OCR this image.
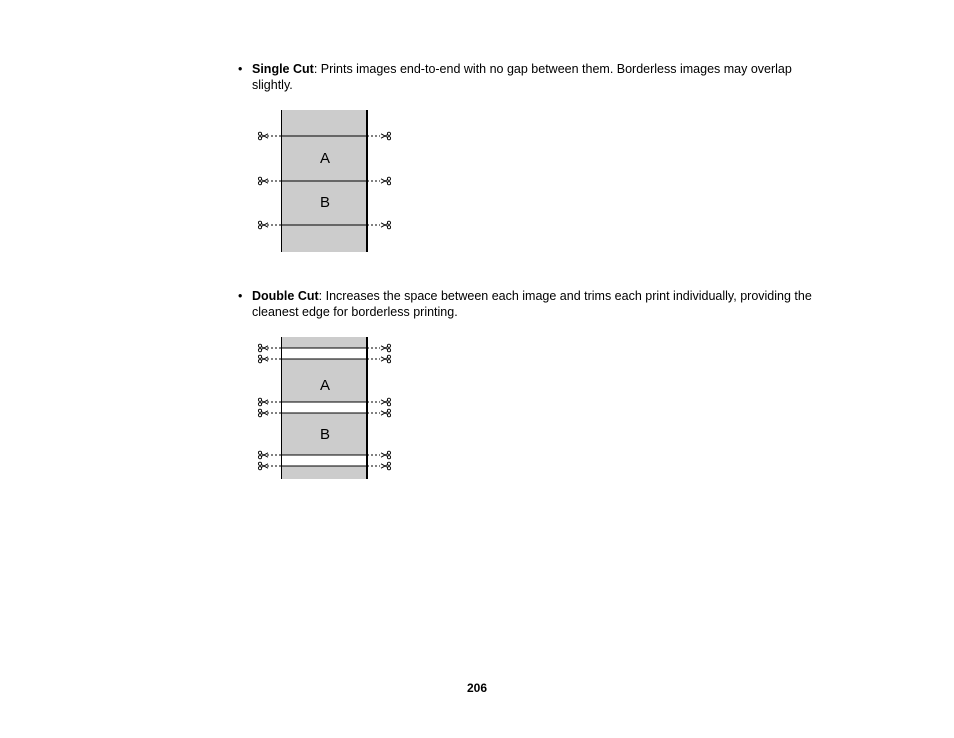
• Single Cut: Prints images end-to-end with no gap between them. Borderless images may overlap slightly.
A
B
• Double Cut: Increases the space between each image and trims each print individually, providing the cleanest edge for borderless printing.
A
B
206
